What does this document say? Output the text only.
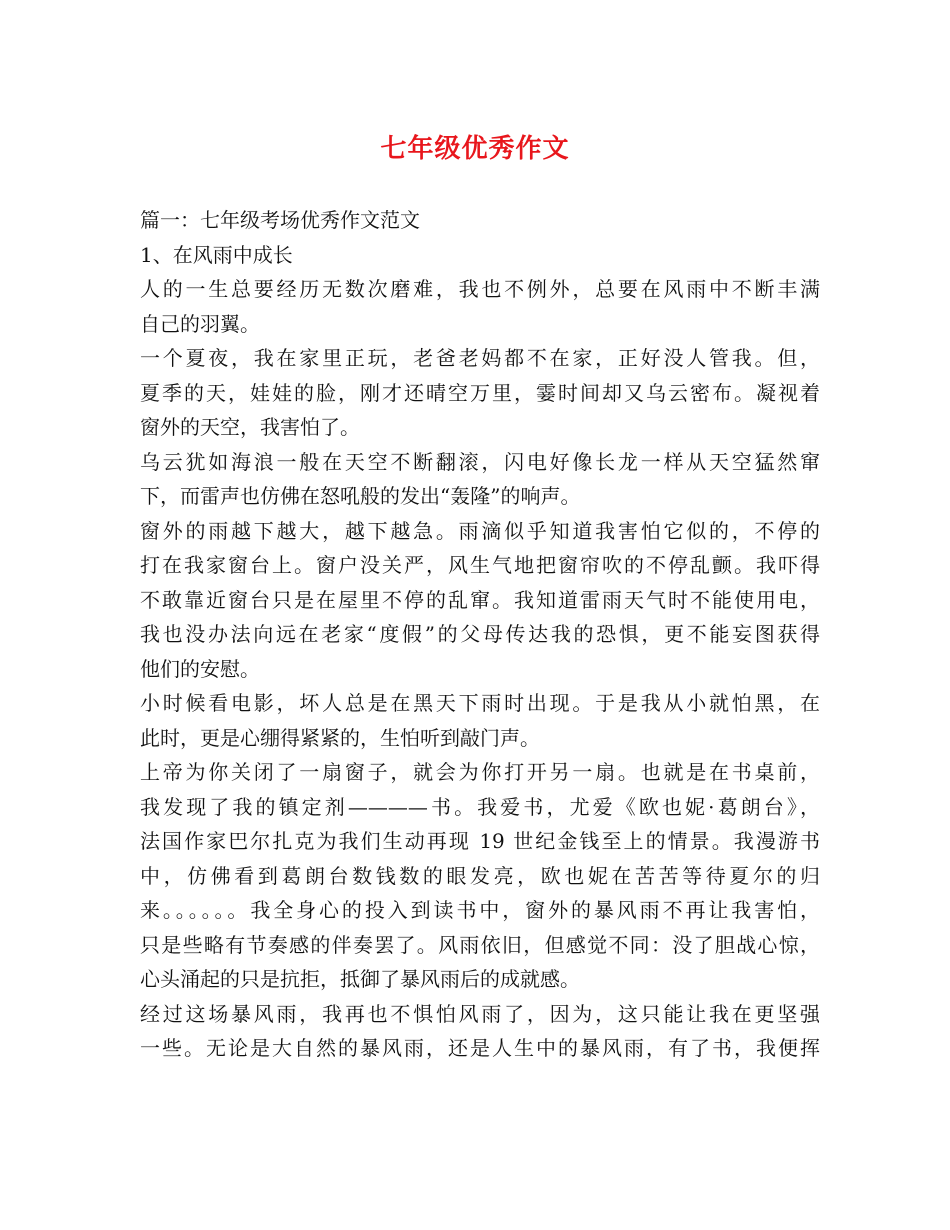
七年级优秀作文
篇一：七年级考场优秀作文范文
1、在风雨中成长
人的一生总要经历无数次磨难，我也不例外，总要在风雨中不断丰满
自己的羽翼。
一个夏夜，我在家里正玩，老爸老妈都不在家，正好没人管我。但，
夏季的天，娃娃的脸，刚才还晴空万里，霎时间却又乌云密布。凝视着
窗外的天空，我害怕了。
乌云犹如海浪一般在天空不断翻滚，闪电好像长龙一样从天空猛然窜
下，而雷声也仿佛在怒吼般的发出“轰隆”的响声。
窗外的雨越下越大，越下越急。雨滴似乎知道我害怕它似的，不停的
打在我家窗台上。窗户没关严，风生气地把窗帘吹的不停乱颤。我吓得
不敢靠近窗台只是在屋里不停的乱窜。我知道雷雨天气时不能使用电，
我也没办法向远在老家“度假”的父母传达我的恐惧，更不能妄图获得
他们的安慰。
小时候看电影，坏人总是在黑天下雨时出现。于是我从小就怕黑，在
此时，更是心绷得紧紧的，生怕听到敲门声。
上帝为你关闭了一扇窗子，就会为你打开另一扇。也就是在书桌前，
我发现了我的镇定剂————书。我爱书，尤爱《欧也妮·葛朗台》，
法国作家巴尔扎克为我们生动再现 19 世纪金钱至上的情景。我漫游书
中，仿佛看到葛朗台数钱数的眼发亮，欧也妮在苦苦等待夏尔的归
来。。。。。。我全身心的投入到读书中，窗外的暴风雨不再让我害怕，
只是些略有节奏感的伴奏罢了。风雨依旧，但感觉不同：没了胆战心惊，
心头涌起的只是抗拒，抵御了暴风雨后的成就感。
经过这场暴风雨，我再也不惧怕风雨了，因为，这只能让我在更坚强
一些。无论是大自然的暴风雨，还是人生中的暴风雨，有了书，我便挥
